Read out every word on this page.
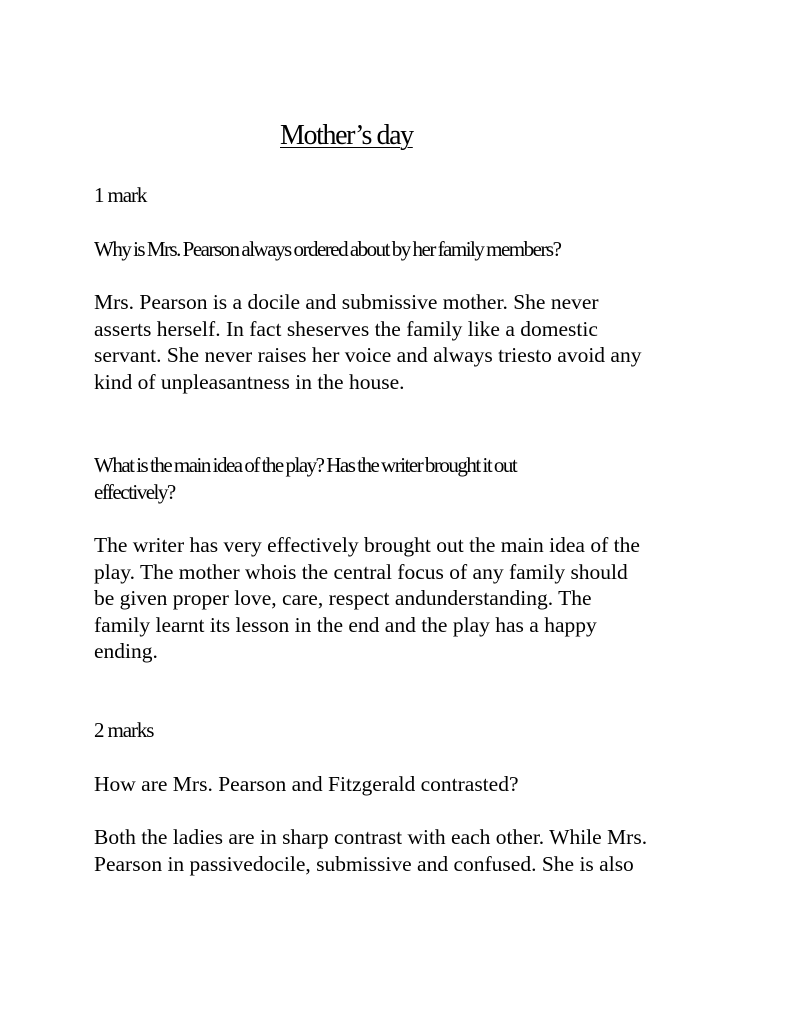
Mother’s day

1 mark

Why is Mrs. Pearson always ordered about by her family members?

Mrs. Pearson is a docile and submissive mother. She never
asserts herself. In fact sheserves the family like a domestic
servant. She never raises her voice and always triesto avoid any
kind of unpleasantness in the house.

What is the main idea of the play? Has the writer brought it out
effectively?

The writer has very effectively brought out the main idea of the
play. The mother whois the central focus of any family should
be given proper love, care, respect andunderstanding. The
family learnt its lesson in the end and the play has a happy
ending.

2 marks

How are Mrs. Pearson and Fitzgerald contrasted?

Both the ladies are in sharp contrast with each other. While Mrs.
Pearson in passivedocile, submissive and confused. She is also
